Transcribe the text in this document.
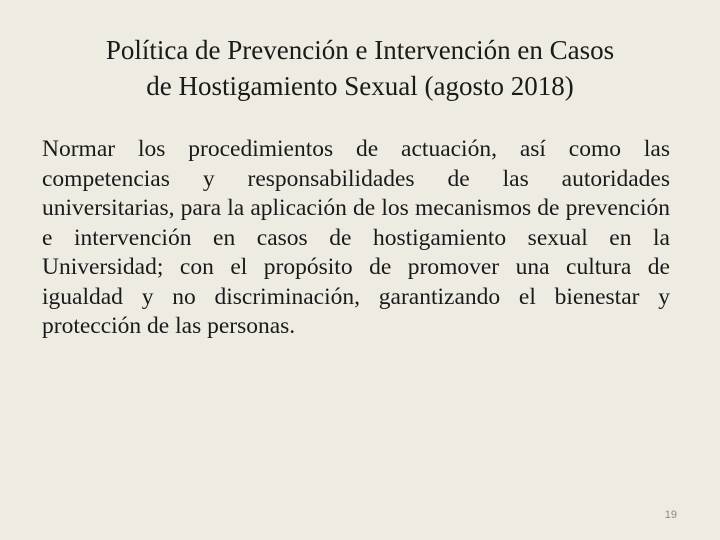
Política de Prevención e Intervención en Casos
de Hostigamiento Sexual (agosto 2018)

Normar los procedimientos de actuación, así como las competencias y responsabilidades de las autoridades universitarias, para la aplicación de los mecanismos de prevención e intervención en casos de hostigamiento sexual en la Universidad; con el propósito de promover una cultura de igualdad y no discriminación, garantizando el bienestar y protección de las personas.

19
